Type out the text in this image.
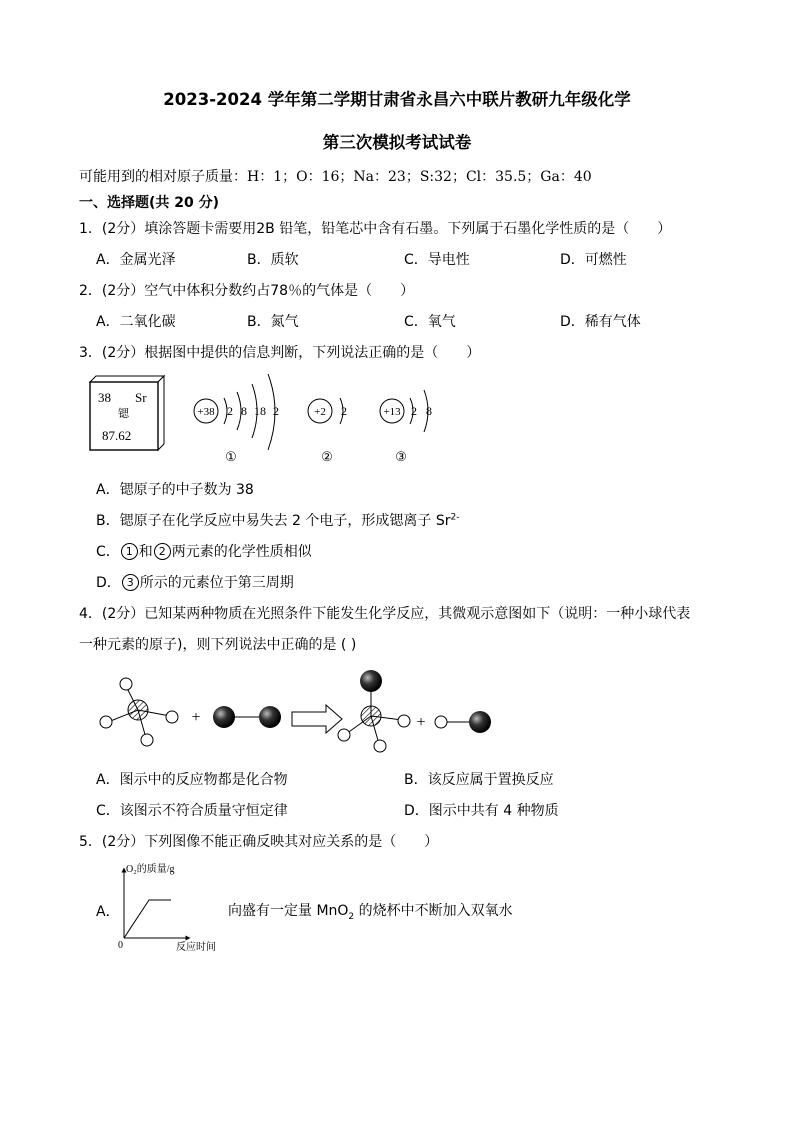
2023-2024 学年第二学期甘肃省永昌六中联片教研九年级化学
第三次模拟考试试卷
可能用到的相对原子质量：H：1；O：16；Na：23；S:32；Cl：35.5；Ga：40
一、选择题(共 20 分)
1．(2分）填涂答题卡需要用2B 铅笔，铅笔芯中含有石墨。下列属于石墨化学性质的是（　　）
A．金属光泽	B．质软	C．导电性	D．可燃性
2．(2分）空气中体积分数约占78％的气体是（　　）
A．二氧化碳	B．氮气	C．氧气	D．稀有气体
3．(2分）根据图中提供的信息判断，下列说法正确的是（　　）
38 Sr
锶
87.62
+38 2 8 18 2
①
+2 2
②
+13 2 8
③
A．锶原子的中子数为 38
B．锶原子在化学反应中易失去 2 个电子，形成锶离子 $Sr^{2-}$
C． 1 和 2 两元素的化学性质相似
D． 3 所示的元素位于第三周期
4．(2分）已知某两种物质在光照条件下能发生化学反应，其微观示意图如下（说明：一种小球代表
一种元素的原子)，则下列说法中正确的是 ( )
+	+
A．图示中的反应物都是化合物	B．该反应属于置换反应
C．该图示不符合质量守恒定律	D．图示中共有 4 种物质
5．(2分）下列图像不能正确反映其对应关系的是（　　）
A．
O₂的质量/g
0	反应时间
向盛有一定量 MnO$_2$ 的烧杯中不断加入双氧水
